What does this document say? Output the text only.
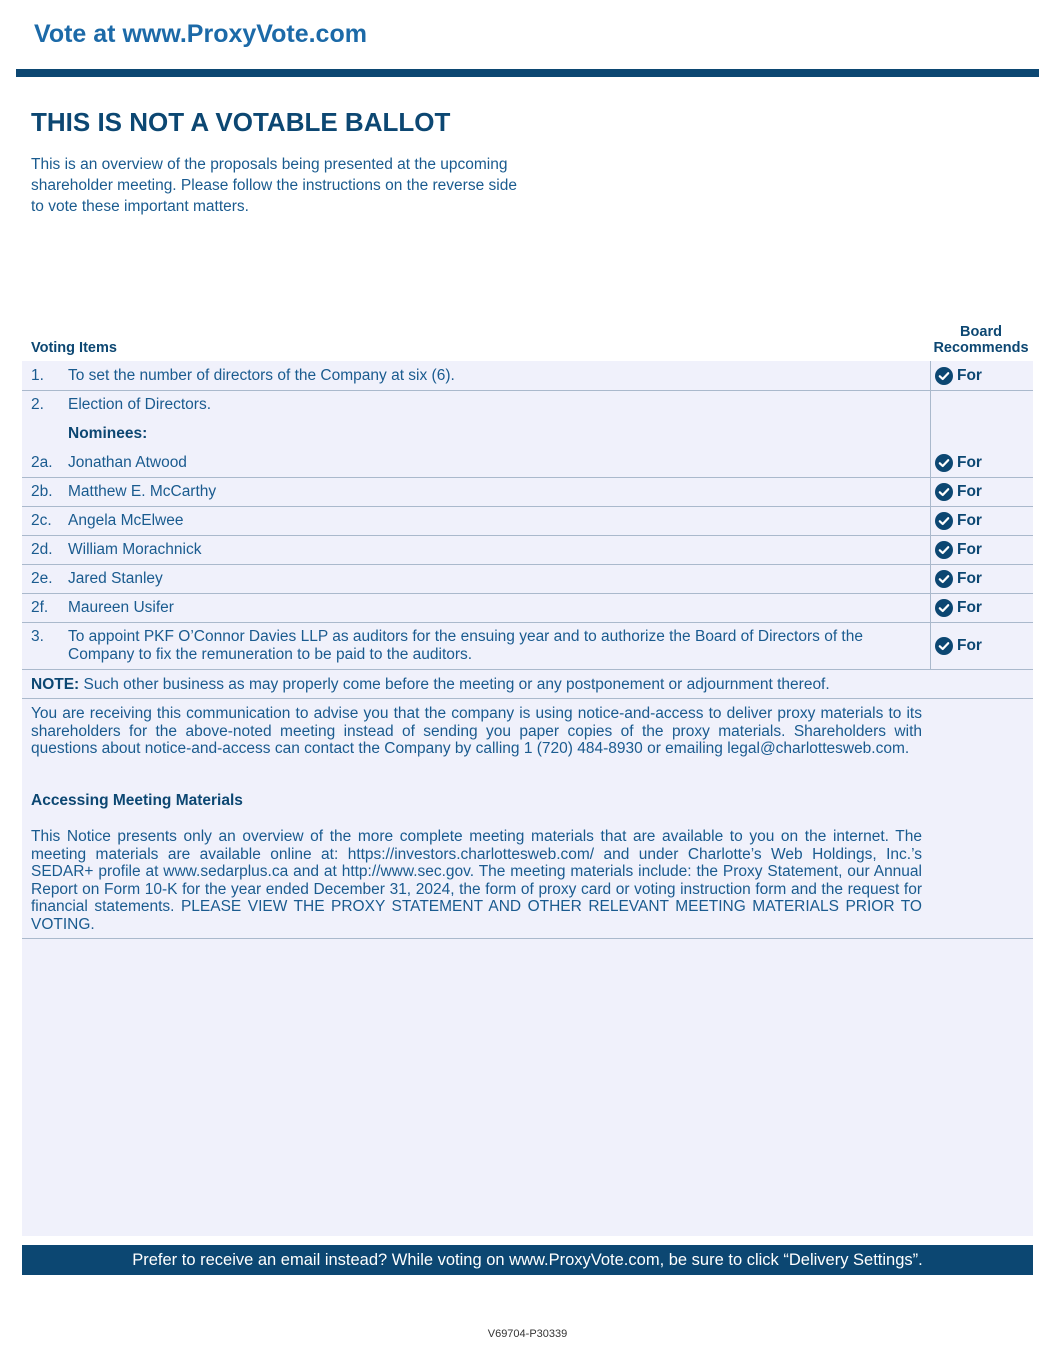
Vote at www.ProxyVote.com
THIS IS NOT A VOTABLE BALLOT

This is an overview of the proposals being presented at the upcoming shareholder meeting. Please follow the instructions on the reverse side to vote these important matters.

Voting Items
Board
Recommends
1. To set the number of directors of the Company at six (6).	For
2. Election of Directors.
Nominees:
2a. Jonathan Atwood	For
2b. Matthew E. McCarthy	For
2c. Angela McElwee	For
2d. William Morachnick	For
2e. Jared Stanley	For
2f. Maureen Usifer	For
3. To appoint PKF O’Connor Davies LLP as auditors for the ensuing year and to authorize the Board of Directors of the
Company to fix the remuneration to be paid to the auditors.	For
NOTE: Such other business as may properly come before the meeting or any postponement or adjournment thereof.

You are receiving this communication to advise you that the company is using notice-and-access to deliver proxy materials to its shareholders for the above-noted meeting instead of sending you paper copies of the proxy materials. Shareholders with questions about notice-and-access can contact the Company by calling 1 (720) 484-8930 or emailing legal@charlottesweb.com.

Accessing Meeting Materials

This Notice presents only an overview of the more complete meeting materials that are available to you on the internet. The meeting materials are available online at: https://investors.charlottesweb.com/ and under Charlotte’s Web Holdings, Inc.’s SEDAR+ profile at www.sedarplus.ca and at http://www.sec.gov. The meeting materials include: the Proxy Statement, our Annual Report on Form 10-K for the year ended December 31, 2024, the form of proxy card or voting instruction form and the request for financial statements. PLEASE VIEW THE PROXY STATEMENT AND OTHER RELEVANT MEETING MATERIALS PRIOR TO VOTING.

Prefer to receive an email instead? While voting on www.ProxyVote.com, be sure to click “Delivery Settings”.
V69704-P30339
